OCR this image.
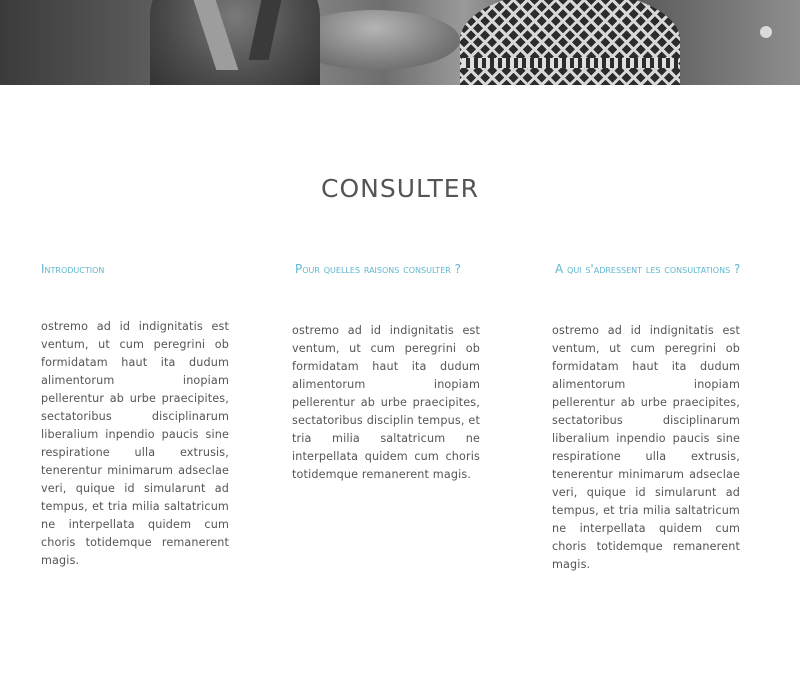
CONSULTER
Introduction	Pour quelles raisons consulter ?	A qui s'adressent les consultations ?

ostremo ad id indignitatis est ventum, ut cum peregrini ob formidatam haut ita dudum alimentorum inopiam pellerentur ab urbe praecipites, sectatoribus disciplinarum liberalium inpendio paucis sine respiratione ulla extrusis, tenerentur minimarum adseclae veri, quique id simularunt ad tempus, et tria milia saltatricum ne interpellata quidem cum choris totidemque remanerent magis.

ostremo ad id indignitatis est ventum, ut cum peregrini ob formidatam haut ita dudum alimentorum inopiam pellerentur ab urbe praecipites, sectatoribus disciplin tempus, et tria milia saltatricum ne interpellata quidem cum choris totidemque remanerent magis.

ostremo ad id indignitatis est ventum, ut cum peregrini ob formidatam haut ita dudum alimentorum inopiam pellerentur ab urbe praecipites, sectatoribus disciplinarum liberalium inpendio paucis sine respiratione ulla extrusis, tenerentur minimarum adseclae veri, quique id simularunt ad tempus, et tria milia saltatricum ne interpellata quidem cum choris totidemque remanerent magis.
